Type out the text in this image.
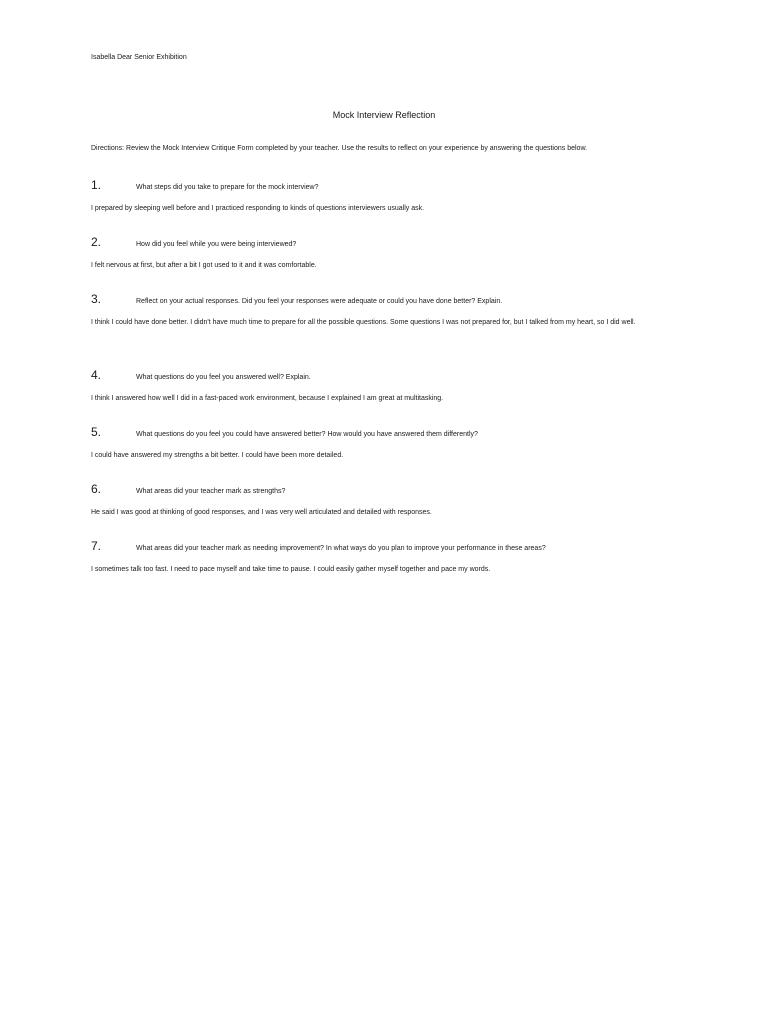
Isabella Dear Senior Exhibition
Mock Interview Reflection
Directions: Review the Mock Interview Critique Form completed by your teacher. Use the results to reflect on your experience by answering the questions below.
1.	What steps did you take to prepare for the mock interview?
I prepared by sleeping well before and I practiced responding to kinds of questions interviewers usually ask.
2.	How did you feel while you were being interviewed?
I felt nervous at first, but after a bit I got used to it and it was comfortable.
3.	Reflect on your actual responses. Did you feel your responses were adequate or could you have done better? Explain.
I think I could have done better. I didn't have much time to prepare for all the possible questions. Some questions I was not prepared for, but I talked from my heart, so I did well.
4.	What questions do you feel you answered well? Explain.
I think I answered how well I did in a fast-paced work environment, because I explained I am great at multitasking.
5.	What questions do you feel you could have answered better? How would you have answered them differently?
I could have answered my strengths a bit better. I could have been more detailed.
6.	What areas did your teacher mark as strengths?
He said I was good at thinking of good responses, and I was very well articulated and detailed with responses.
7.	What areas did your teacher mark as needing improvement? In what ways do you plan to improve your performance in these areas?
I sometimes talk too fast. I need to pace myself and take time to pause. I could easily gather myself together and pace my words.
